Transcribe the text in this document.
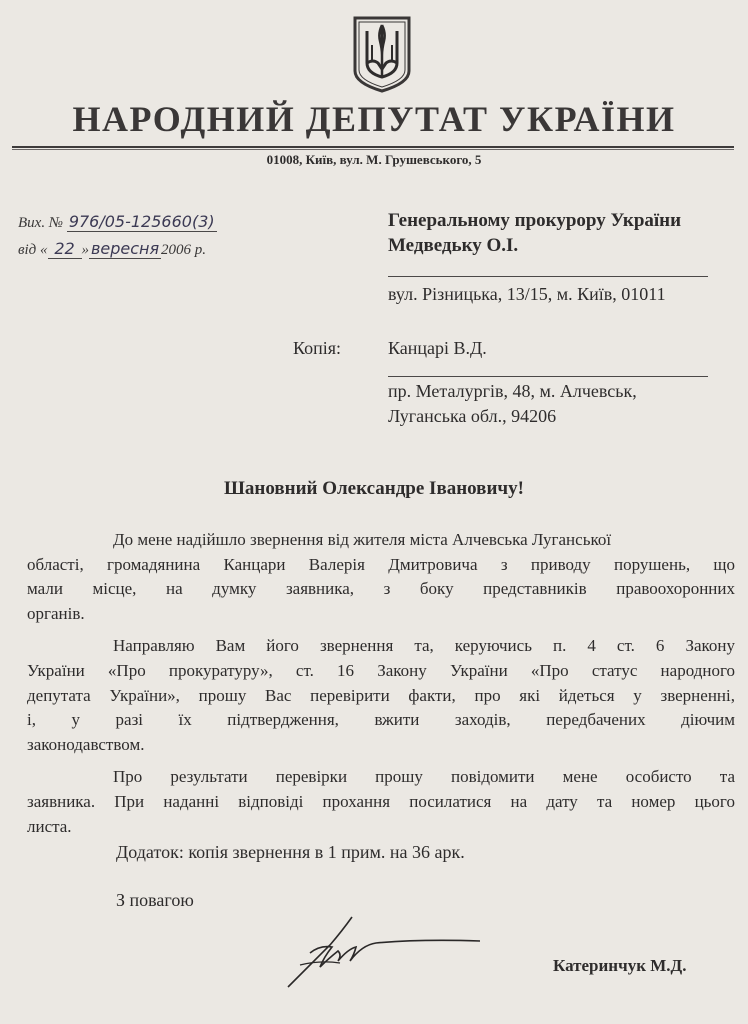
НАРОДНИЙ ДЕПУТАТ УКРАЇНИ
01008, Київ, вул. М. Грушевського, 5
Вих. № 976/05-125660(3)
від « 22 » вересня 2006 р.
Генеральному прокурору України
Медведьку О.І.
вул. Різницька, 13/15, м. Київ, 01011
Копія:	Канцарі В.Д.
пр. Металургів, 48, м. Алчевськ,
Луганська обл., 94206
Шановний Олександре Івановичу!
До мене надійшло звернення від жителя міста Алчевська Луганської
області, громадянина Канцари Валерія Дмитровича з приводу порушень, що
мали місце, на думку заявника, з боку представників правоохоронних
органів.
Направляю Вам його звернення та, керуючись п. 4 ст. 6 Закону
України «Про прокуратуру», ст. 16 Закону України «Про статус народного
депутата України», прошу Вас перевірити факти, про які йдеться у зверненні,
і, у разі їх підтвердження, вжити заходів, передбачених діючим
законодавством.
Про результати перевірки прошу повідомити мене особисто та
заявника. При наданні відповіді прохання посилатися на дату та номер цього
листа.
Додаток: копія звернення в 1 прим. на 36 арк.
З повагою
Катеринчук М.Д.
